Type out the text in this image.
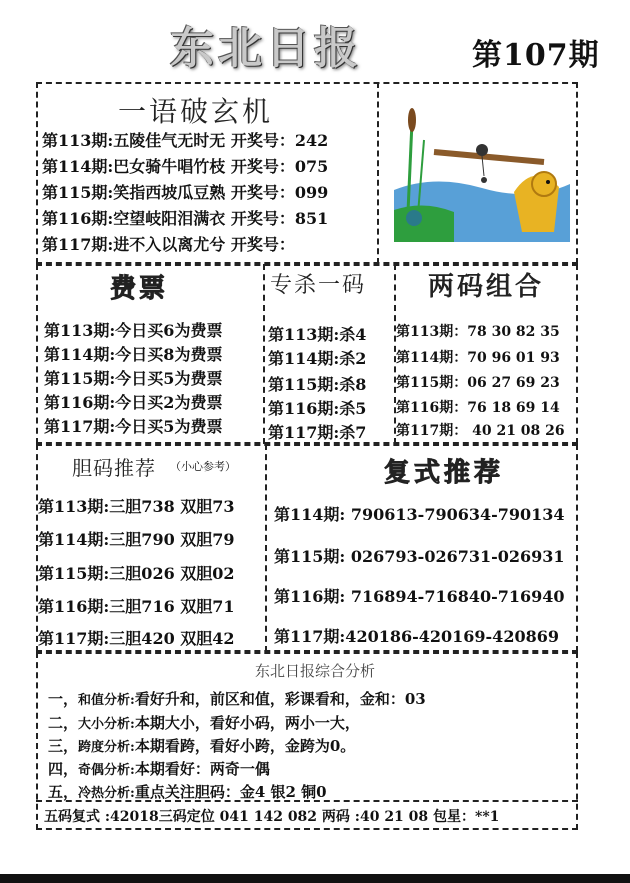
东北日报	第107期
一语破玄机
第113期:五陵佳气无时无 开奖号：242
第114期:巴女骑牛唱竹枝 开奖号：075
第115期:笑指西坡瓜豆熟 开奖号：099
第116期:空望岐阳泪满衣 开奖号：851
第117期:进不入以离尤兮 开奖号：
费票
第113期:今日买6为费票
第114期:今日买8为费票
第115期:今日买5为费票
第116期:今日买2为费票
第117期:今日买5为费票
专杀一码
第113期:杀4
第114期:杀2
第115期:杀8
第116期:杀5
第117期:杀7
两码组合
第113期：78 30 82 35
第114期：70 96 01 93
第115期：06 27 69 23
第116期：76 18 69 14
第117期： 40 21 08 26
胆码推荐 （小心参考）
第113期:三胆738 双胆73
第114期:三胆790 双胆79
第115期:三胆026 双胆02
第116期:三胆716 双胆71
第117期:三胆420 双胆42
复式推荐
第114期: 790613-790634-790134
第115期: 026793-026731-026931
第116期: 716894-716840-716940
第117期:420186-420169-420869
东北日报综合分析
一，和值分析:看好升和，前区和值，彩课看和，金和：03
二，大小分析:本期大小，看好小码，两小一大，
三，跨度分析:本期看跨，看好小跨，金跨为0。
四，奇偶分析:本期看好：两奇一偶
五，冷热分析:重点关注胆码：金4 银2 铜0
五码复式 :42018三码定位 041 142 082 两码 :40 21 08 包星：**1
